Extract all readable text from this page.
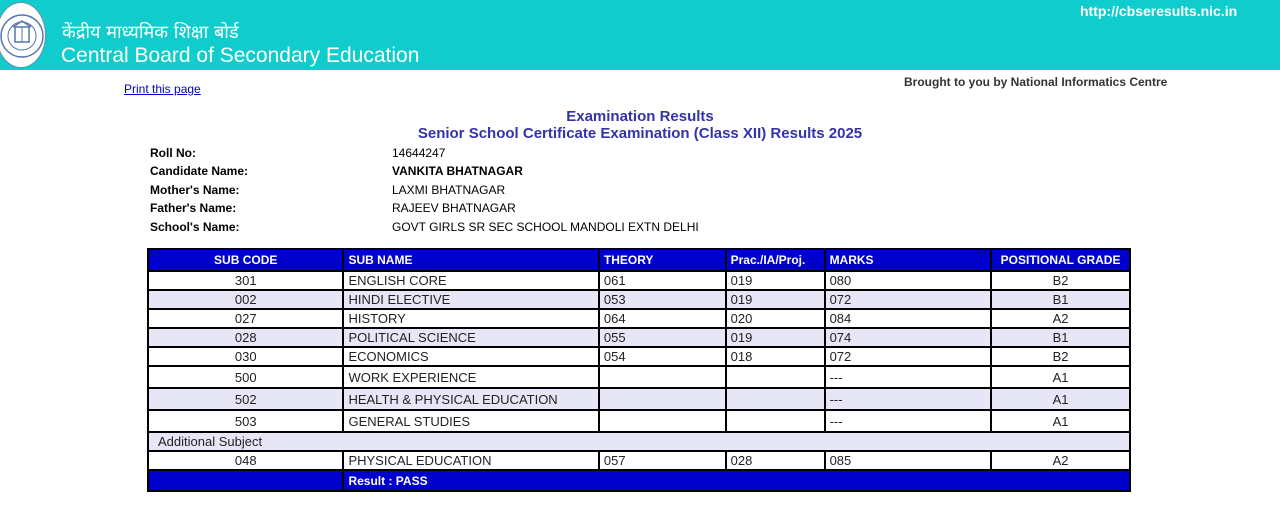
केंद्रीय माध्यमिक शिक्षा बोर्ड
Central Board of Secondary Education
http://cbseresults.nic.in
Print this page	Brought to you by National Informatics Centre
Examination Results
Senior School Certificate Examination (Class XII) Results 2025
Roll No:	14644247
Candidate Name:	VANKITA BHATNAGAR
Mother's Name:	LAXMI BHATNAGAR
Father's Name:	RAJEEV BHATNAGAR
School's Name:	GOVT GIRLS SR SEC SCHOOL MANDOLI EXTN DELHI
SUB CODE	SUB NAME	THEORY	Prac./IA/Proj.	MARKS	POSITIONAL GRADE
301	ENGLISH CORE	061	019	080	B2
002	HINDI ELECTIVE	053	019	072	B1
027	HISTORY	064	020	084	A2
028	POLITICAL SCIENCE	055	019	074	B1
030	ECONOMICS	054	018	072	B2
500	WORK EXPERIENCE			---	A1
502	HEALTH & PHYSICAL EDUCATION			---	A1
503	GENERAL STUDIES			---	A1
Additional Subject					
048	PHYSICAL EDUCATION	057	028	085	A2
	Result : PASS				
